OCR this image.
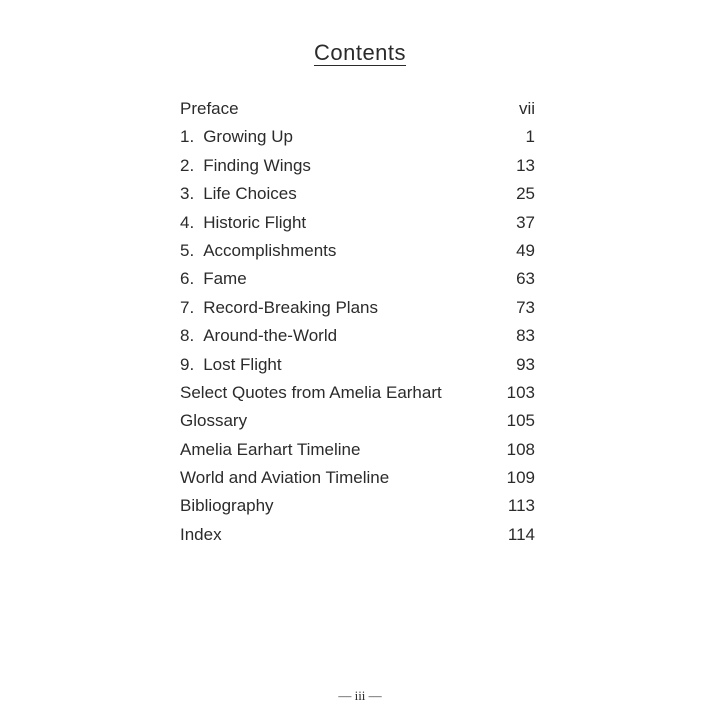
Contents
Preface	vii
1. Growing Up	1
2. Finding Wings	13
3. Life Choices	25
4. Historic Flight	37
5. Accomplishments	49
6. Fame	63
7. Record-Breaking Plans	73
8. Around-the-World	83
9. Lost Flight	93
Select Quotes from Amelia Earhart	103
Glossary	105
Amelia Earhart Timeline	108
World and Aviation Timeline	109
Bibliography	113
Index	114
— iii —
